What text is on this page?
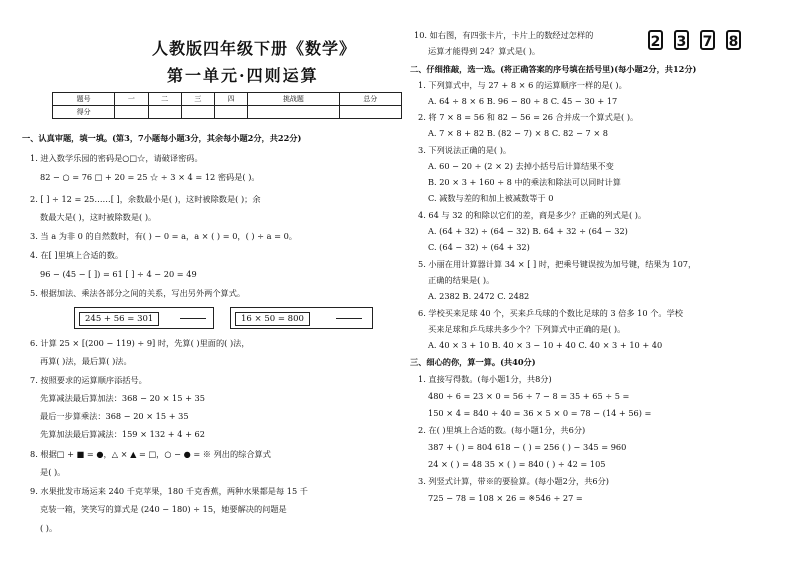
人教版四年级下册《数学》
第一单元·四则运算
题号	一	二	三	四	挑战题	总分
得分						
一、认真审题，填一填。(第3，7小题每小题3分，其余每小题2分，共22分)
1. 进入数学乐园的密码是○□☆，请破译密码。
82 − ○ = 76 □ + 20 = 25 ☆ ÷ 3 × 4 = 12 密码是( )。
2. [ ] ÷ 12 = 25……[ ]，余数最小是( )，这时被除数是( )；余
数最大是( )，这时被除数是( )。
3. 当 a 为非 0 的自然数时，有( ) − 0 = a，a × ( ) = 0，( ) ÷ a = 0。
4. 在[ ]里填上合适的数。
96 − (45 − [ ]) = 61 [ ] ÷ 4 − 20 = 49
5. 根据加法、乘法各部分之间的关系，写出另外两个算式。
245 + 56 = 301	16 × 50 = 800
6. 计算 25 × [(200 − 119) ÷ 9] 时，先算( )里面的( )法，
再算( )法，最后算( )法。
7. 按照要求的运算顺序添括号。
先算减法最后算加法：368 − 20 × 15 + 35
最后一步算乘法：368 − 20 × 15 + 35
先算加法最后算减法：159 × 132 + 4 + 62
8. 根据□ + ■ = ●，△ × ▲ = □，○ − ● = ※ 列出的综合算式
是( )。
9. 水果批发市场运来 240 千克苹果，180 千克香蕉，两种水果都是每 15 千
克装一箱，笑笑写的算式是 (240 − 180) ÷ 15，她要解决的问题是
( )。
10. 如右图，有四张卡片，卡片上的数经过怎样的
运算才能得到 24？算式是( )。
2 3 7 8
二、仔细推敲，选一选。(将正确答案的序号填在括号里)(每小题2分，共12分)
1. 下列算式中，与 27 + 8 × 6 的运算顺序一样的是( )。
A. 64 ÷ 8 × 6 B. 96 − 80 ÷ 8 C. 45 − 30 + 17
2. 将 7 × 8 = 56 和 82 − 56 = 26 合并成一个算式是( )。
A. 7 × 8 + 82 B. (82 − 7) × 8 C. 82 − 7 × 8
3. 下列说法正确的是( )。
A. 60 − 20 ÷ (2 × 2) 去掉小括号后计算结果不变
B. 20 × 3 + 160 ÷ 8 中的乘法和除法可以同时计算
C. 减数与差的和加上被减数等于 0
4. 64 与 32 的和除以它们的差，商是多少？正确的列式是( )。
A. (64 + 32) ÷ (64 − 32) B. 64 + 32 ÷ (64 − 32)
C. (64 − 32) ÷ (64 + 32)
5. 小丽在用计算器计算 34 × [ ] 时，把乘号键误按为加号键，结果为 107，
正确的结果是( )。
A. 2382 B. 2472 C. 2482
6. 学校买来足球 40 个，买来乒乓球的个数比足球的 3 倍多 10 个。学校
买来足球和乒乓球共多少个？下列算式中正确的是( )。
A. 40 × 3 + 10 B. 40 × 3 − 10 + 40 C. 40 × 3 + 10 + 40
三、细心的你，算一算。(共40分)
1. 直接写得数。(每小题1分，共8分)
480 ÷ 6 = 23 × 0 = 56 ÷ 7 − 8 = 35 + 65 ÷ 5 =
150 × 4 = 840 ÷ 40 = 36 × 5 × 0 = 78 − (14 + 56) =
2. 在( )里填上合适的数。(每小题1分，共6分)
387 + ( ) = 804 618 − ( ) = 256 ( ) − 345 = 960
24 × ( ) = 48 35 × ( ) = 840 ( ) ÷ 42 = 105
3. 列竖式计算，带※的要验算。(每小题2分，共6分)
725 − 78 = 108 × 26 = ※546 ÷ 27 =
